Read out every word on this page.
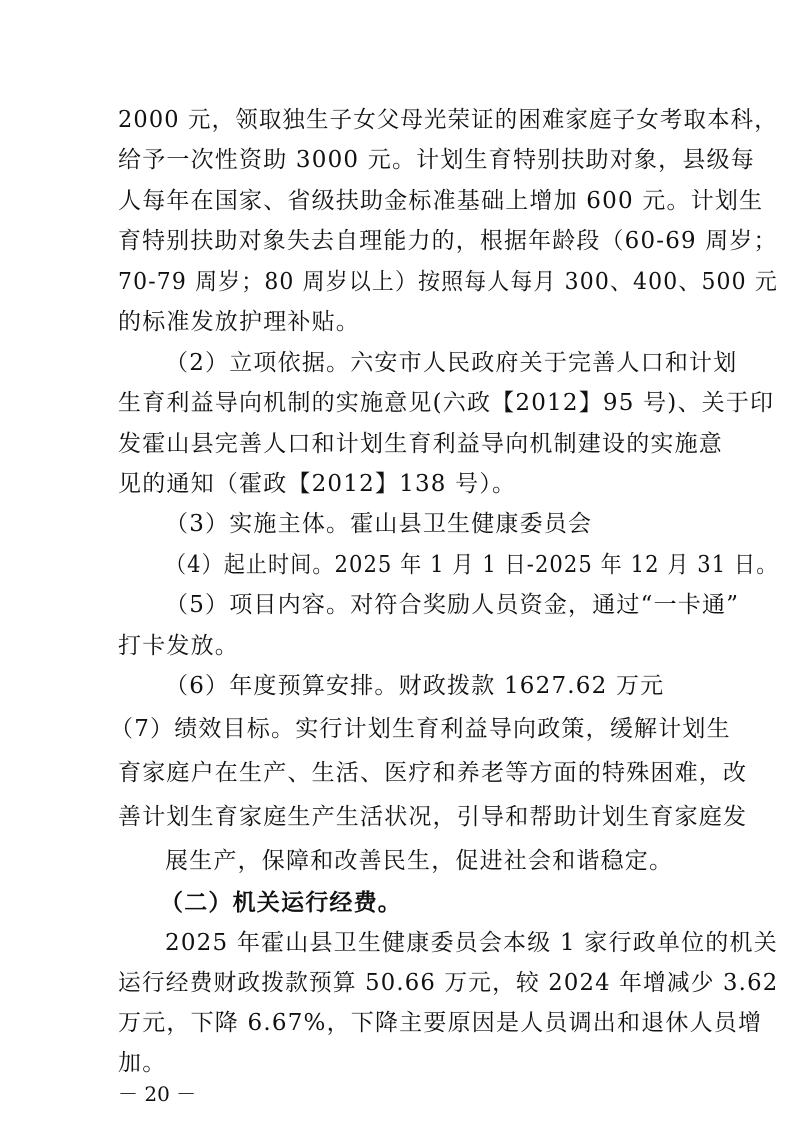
2000 元，领取独生子女父母光荣证的困难家庭子女考取本科，
给予一次性资助 3000 元。计划生育特别扶助对象，县级每
人每年在国家、省级扶助金标准基础上增加 600 元。计划生
育特别扶助对象失去自理能力的，根据年龄段（60-69 周岁；
70-79 周岁；80 周岁以上）按照每人每月 300、400、500 元
的标准发放护理补贴。
（2）立项依据。六安市人民政府关于完善人口和计划
生育利益导向机制的实施意见(六政【2012】95 号)、关于印
发霍山县完善人口和计划生育利益导向机制建设的实施意
见的通知（霍政【2012】138 号）。
（3）实施主体。霍山县卫生健康委员会
（4）起止时间。2025 年 1 月 1 日-2025 年 12 月 31 日。
（5）项目内容。对符合奖励人员资金，通过“一卡通”
打卡发放。
（6）年度预算安排。财政拨款 1627.62 万元
（7）绩效目标。实行计划生育利益导向政策，缓解计划生
育家庭户在生产、生活、医疗和养老等方面的特殊困难，改
善计划生育家庭生产生活状况，引导和帮助计划生育家庭发
展生产，保障和改善民生，促进社会和谐稳定。
（二）机关运行经费。
2025 年霍山县卫生健康委员会本级 1 家行政单位的机关
运行经费财政拨款预算 50.66 万元，较 2024 年增减少 3.62
万元，下降 6.67%，下降主要原因是人员调出和退休人员增
加。
－ 20 －
